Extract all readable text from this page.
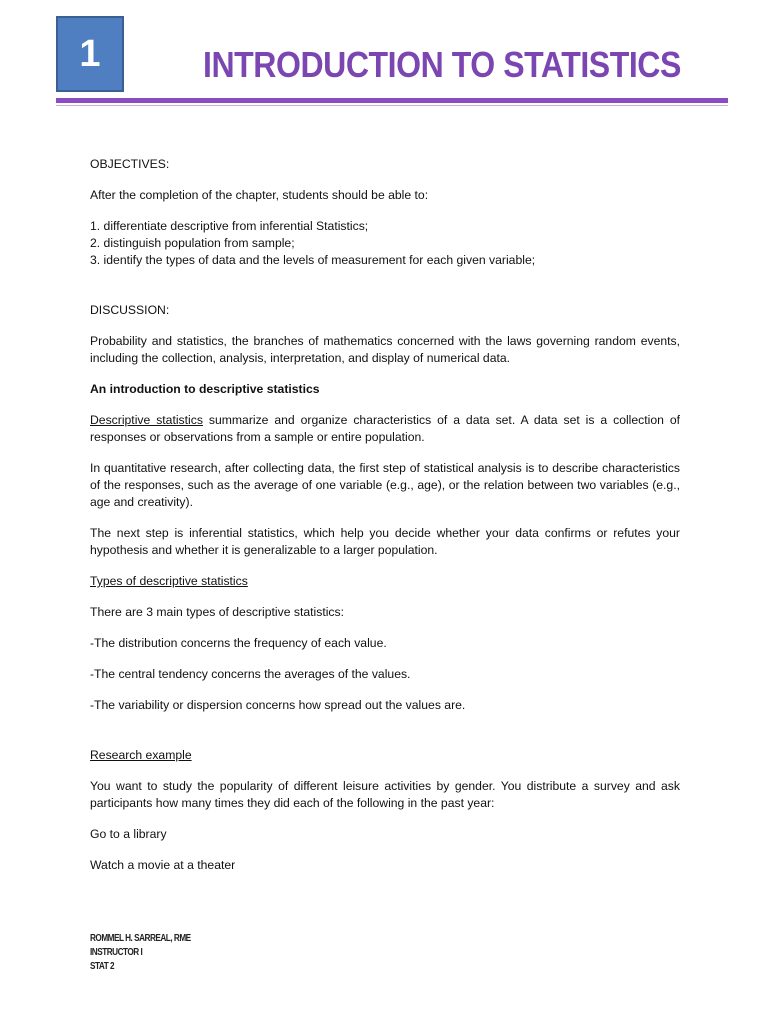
1	INTRODUCTION TO STATISTICS

OBJECTIVES:

After the completion of the chapter, students should be able to:

1. differentiate descriptive from inferential Statistics;

2. distinguish population from sample;

3. identify the types of data and the levels of measurement for each given variable;

DISCUSSION:

Probability and statistics, the branches of mathematics concerned with the laws governing random events, including the collection, analysis, interpretation, and display of numerical data.

An introduction to descriptive statistics

Descriptive statistics summarize and organize characteristics of a data set. A data set is a collection of responses or observations from a sample or entire population.

In quantitative research, after collecting data, the first step of statistical analysis is to describe characteristics of the responses, such as the average of one variable (e.g., age), or the relation between two variables (e.g., age and creativity).

The next step is inferential statistics, which help you decide whether your data confirms or refutes your hypothesis and whether it is generalizable to a larger population.

Types of descriptive statistics

There are 3 main types of descriptive statistics:

-The distribution concerns the frequency of each value.

-The central tendency concerns the averages of the values.

-The variability or dispersion concerns how spread out the values are.

Research example

You want to study the popularity of different leisure activities by gender. You distribute a survey and ask participants how many times they did each of the following in the past year:

Go to a library

Watch a movie at a theater

ROMMEL H. SARREAL, RME
INSTRUCTOR I
STAT 2
